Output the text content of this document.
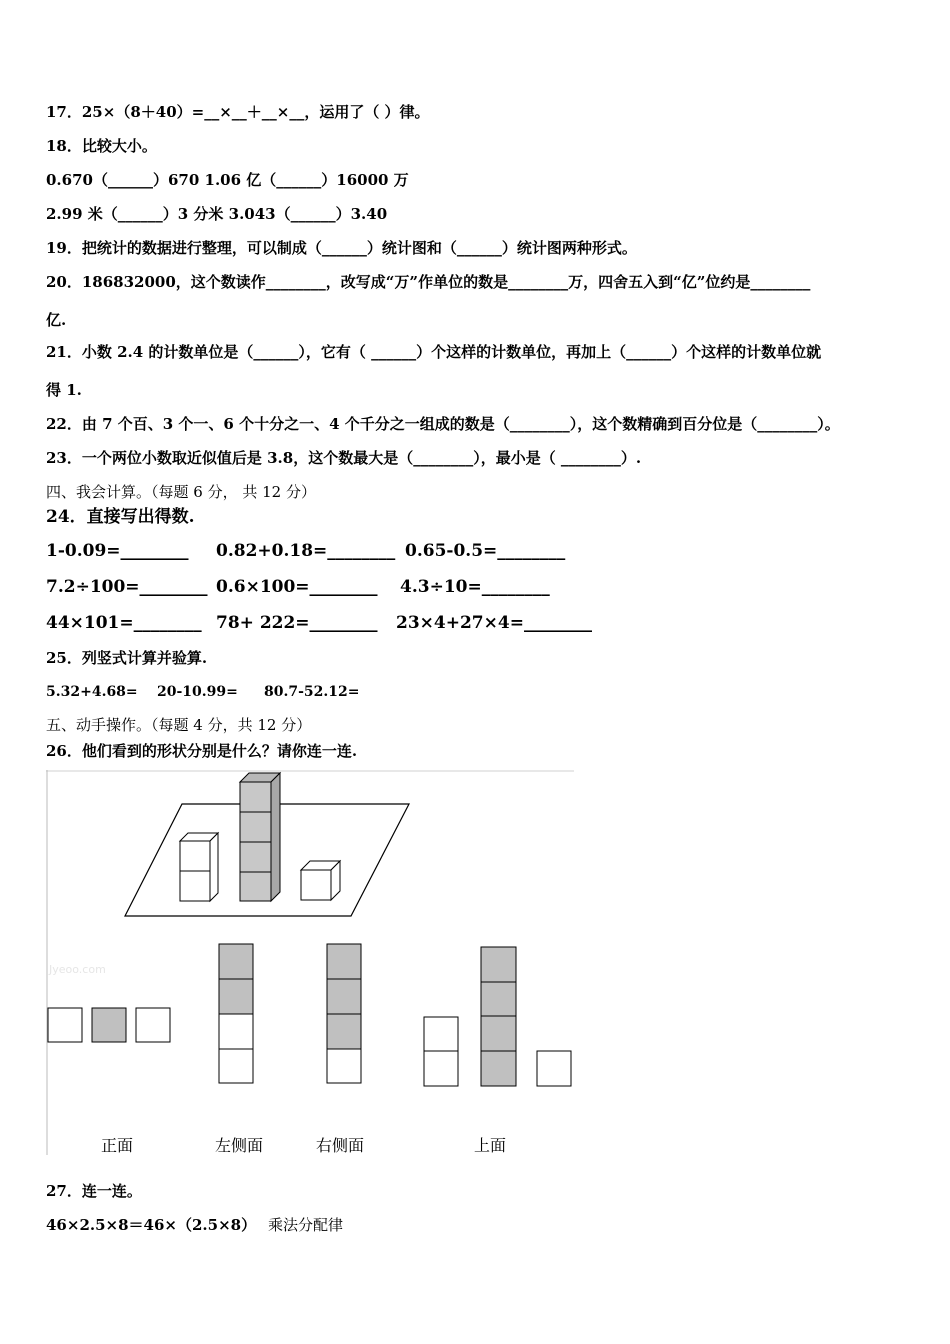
17．25×（8＋40）=__×__＋__×__，运用了（ ）律。
18．比较大小。
0.670（______）670 1.06 亿（______）16000 万
2.99 米（______）3 分米 3.043（______）3.40
19．把统计的数据进行整理，可以制成（______）统计图和（______）统计图两种形式。
20．186832000，这个数读作________，改写成“万”作单位的数是________万，四舍五入到“亿”位约是________
亿.
21．小数 2.4 的计数单位是（______），它有（ ______）个这样的计数单位，再加上（______）个这样的计数单位就
得 1.
22．由 7 个百、3 个一、6 个十分之一、4 个千分之一组成的数是（________），这个数精确到百分位是（________）。
23．一个两位小数取近似值后是 3.8，这个数最大是（________），最小是（ ________）.
四、我会计算。（每题 6 分， 共 12 分）
24．直接写出得数.
1-0.09=________ 0.82+0.18=________ 0.65-0.5=________
7.2÷100=________ 0.6×100=________ 4.3÷10=________
44×101=________ 78+ 222=________ 23×4+27×4=________
25．列竖式计算并验算.
5.32+4.68= 20-10.99= 80.7-52.12=
五、动手操作。（每题 4 分，共 12 分）
26．他们看到的形状分别是什么？请你连一连.
Jyeoo.com
正面	左侧面	右侧面	上面
27．连一连。
46×2.5×8＝46×（2.5×8） 乘法分配律
